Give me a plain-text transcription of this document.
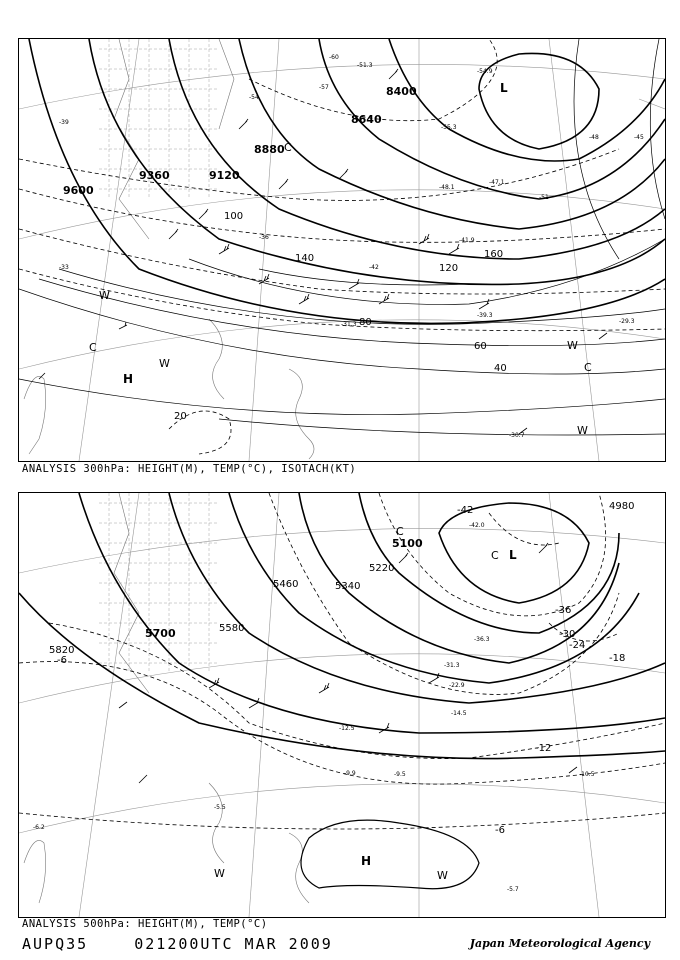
8400
8640
8880
9120
9360
9600
20
40
60
80
100
120
140	160
-60
-57
-54
-51
-48	-45
-42
-39
-36
-33
L
H
C
C
C
W
W
W
W
-54.9
-55.3
-51.3
-41.9
-39.3
-31.3	-29.3
-30.7
-47.1
-48.1
ANALYSIS 300hPa: HEIGHT(M), TEMP(°C), ISOTACH(KT)
4980
5100
5220
5340
5460
5580
5700
5820
-42
-36
-30
-24
-18
-12
-6
-6
L
H
C
C
W	W
-42.0
-36.3
-31.3
-22.9
-14.5
-12.5
-9.9	-9.5
-5.5
-5.7
-10.5
-6.2
ANALYSIS 500hPa: HEIGHT(M), TEMP(°C)
AUPQ35	021200UTC MAR 2009	Japan Meteorological Agency
